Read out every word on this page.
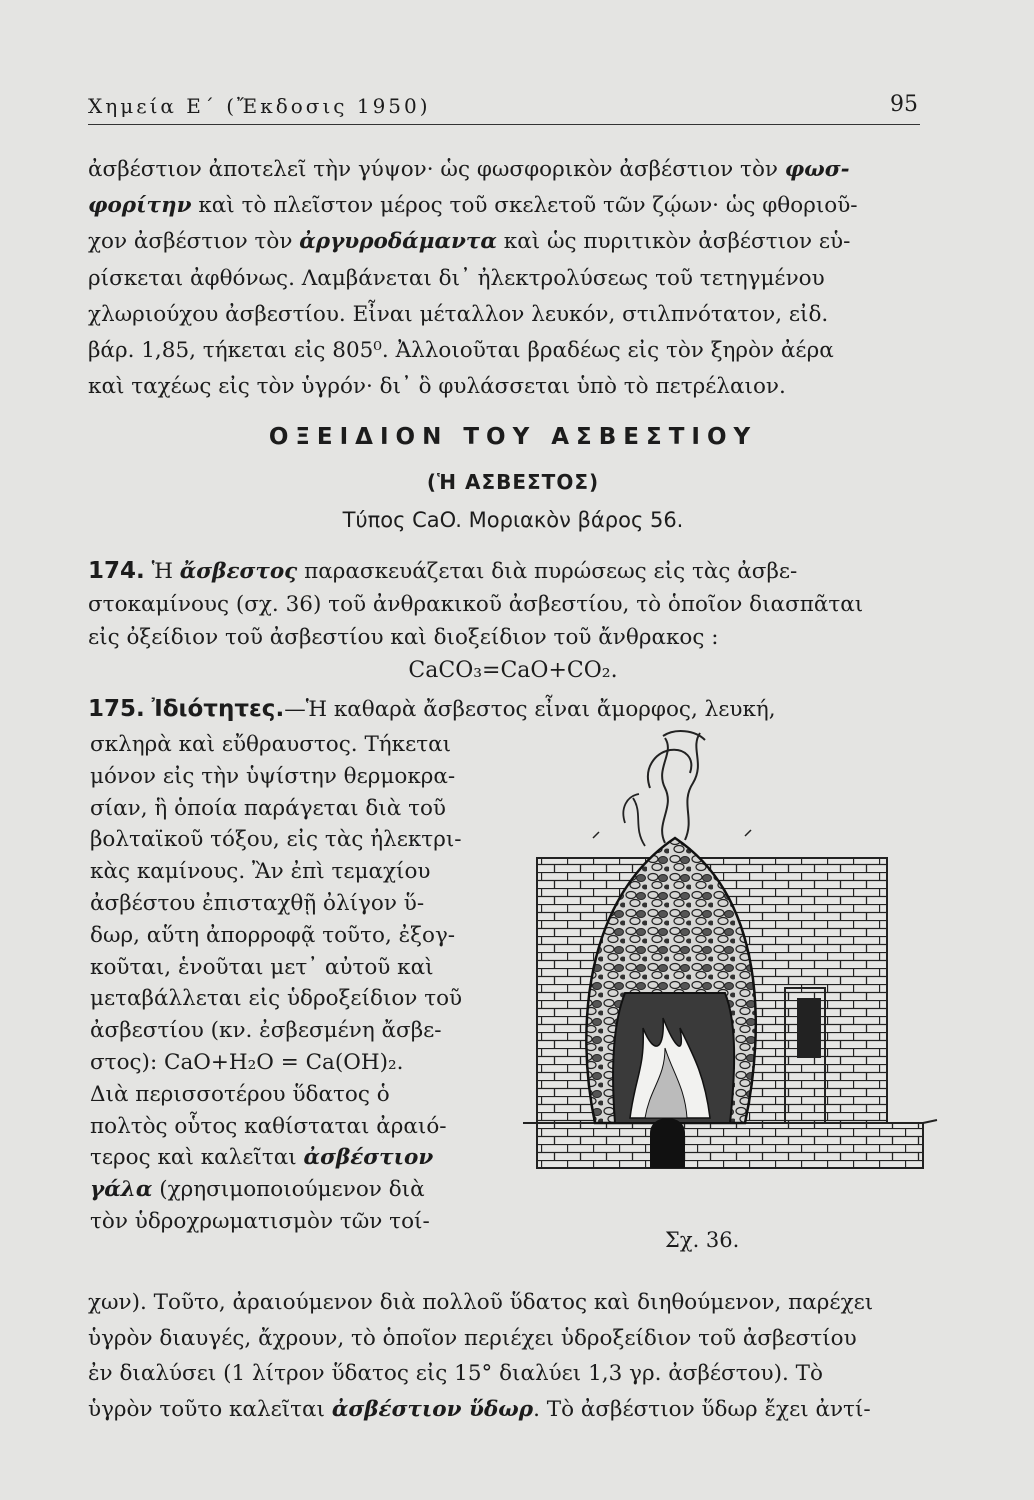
Χημεία Ε΄ (Ἔκδοσις 1950)	95
ἀσβέστιον ἀποτελεῖ τὴν γύψον· ὡς φωσφορικὸν ἀσβέστιον τὸν φωσ-
φορίτην καὶ τὸ πλεῖστον μέρος τοῦ σκελετοῦ τῶν ζῴων· ὡς φθοριοῦ-
χον ἀσβέστιον τὸν ἀργυροδάμαντα καὶ ὡς πυριτικὸν ἀσβέστιον εὑ-
ρίσκεται ἀφθόνως. Λαμβάνεται δι᾽ ἠλεκτρολύσεως τοῦ τετηγμένου
χλωριούχου ἀσβεστίου. Εἶναι μέταλλον λευκόν, στιλπνότατον, εἰδ.
βάρ. 1,85, τήκεται εἰς 805⁰. Ἀλλοιοῦται βραδέως εἰς τὸν ξηρὸν ἀέρα
καὶ ταχέως εἰς τὸν ὑγρόν· δι᾽ ὃ φυλάσσεται ὑπὸ τὸ πετρέλαιον.
ΟΞΕΙΔΙΟΝ ΤΟΥ ΑΣΒΕΣΤΙΟΥ
(Ἡ ΑΣΒΕΣΤΟΣ)
Τύπος CaO. Μοριακὸν βάρος 56.
174. Ἡ ἄσβεστος παρασκευάζεται διὰ πυρώσεως εἰς τὰς ἀσβε-
στοκαμίνους (σχ. 36) τοῦ ἀνθρακικοῦ ἀσβεστίου, τὸ ὁποῖον διασπᾶται
εἰς ὀξείδιον τοῦ ἀσβεστίου καὶ διοξείδιον τοῦ ἄνθρακος :
CaCO₃=CaO+CO₂.
175. Ἰδιότητες.—Ἡ καθαρὰ ἄσβεστος εἶναι ἄμορφος, λευκή,
σκληρὰ καὶ εὔθραυστος. Τήκεται
μόνον εἰς τὴν ὑψίστην θερμοκρα-
σίαν, ἣ ὁποία παράγεται διὰ τοῦ
βολταϊκοῦ τόξου, εἰς τὰς ἠλεκτρι-
κὰς καμίνους. Ἂν ἐπὶ τεμαχίου
ἀσβέστου ἐπισταχθῇ ὀλίγον ὕ-
δωρ, αὕτη ἀπορροφᾷ τοῦτο, ἐξογ-
κοῦται, ἑνοῦται μετ᾽ αὐτοῦ καὶ
μεταβάλλεται εἰς ὑδροξείδιον τοῦ
ἀσβεστίου (κν. ἐσβεσμένη ἄσβε-
στος): CaO+H₂O = Ca(OH)₂.
Διὰ περισσοτέρου ὕδατος ὁ
πολτὸς οὗτος καθίσταται ἀραιό-
τερος καὶ καλεῖται ἀσβέστιον
γάλα (χρησιμοποιούμενον διὰ
τὸν ὑδροχρωματισμὸν τῶν τοί-
χων). Τοῦτο, ἀραιούμενον διὰ πολλοῦ ὕδατος καὶ διηθούμενον, παρέχει
ὑγρὸν διαυγές, ἄχρουν, τὸ ὁποῖον περιέχει ὑδροξείδιον τοῦ ἀσβεστίου
ἐν διαλύσει (1 λίτρον ὕδατος εἰς 15° διαλύει 1,3 γρ. ἀσβέστου). Τὸ
ὑγρὸν τοῦτο καλεῖται ἀσβέστιον ὕδωρ. Τὸ ἀσβέστιον ὕδωρ ἔχει ἀντί-
Σχ. 36.
